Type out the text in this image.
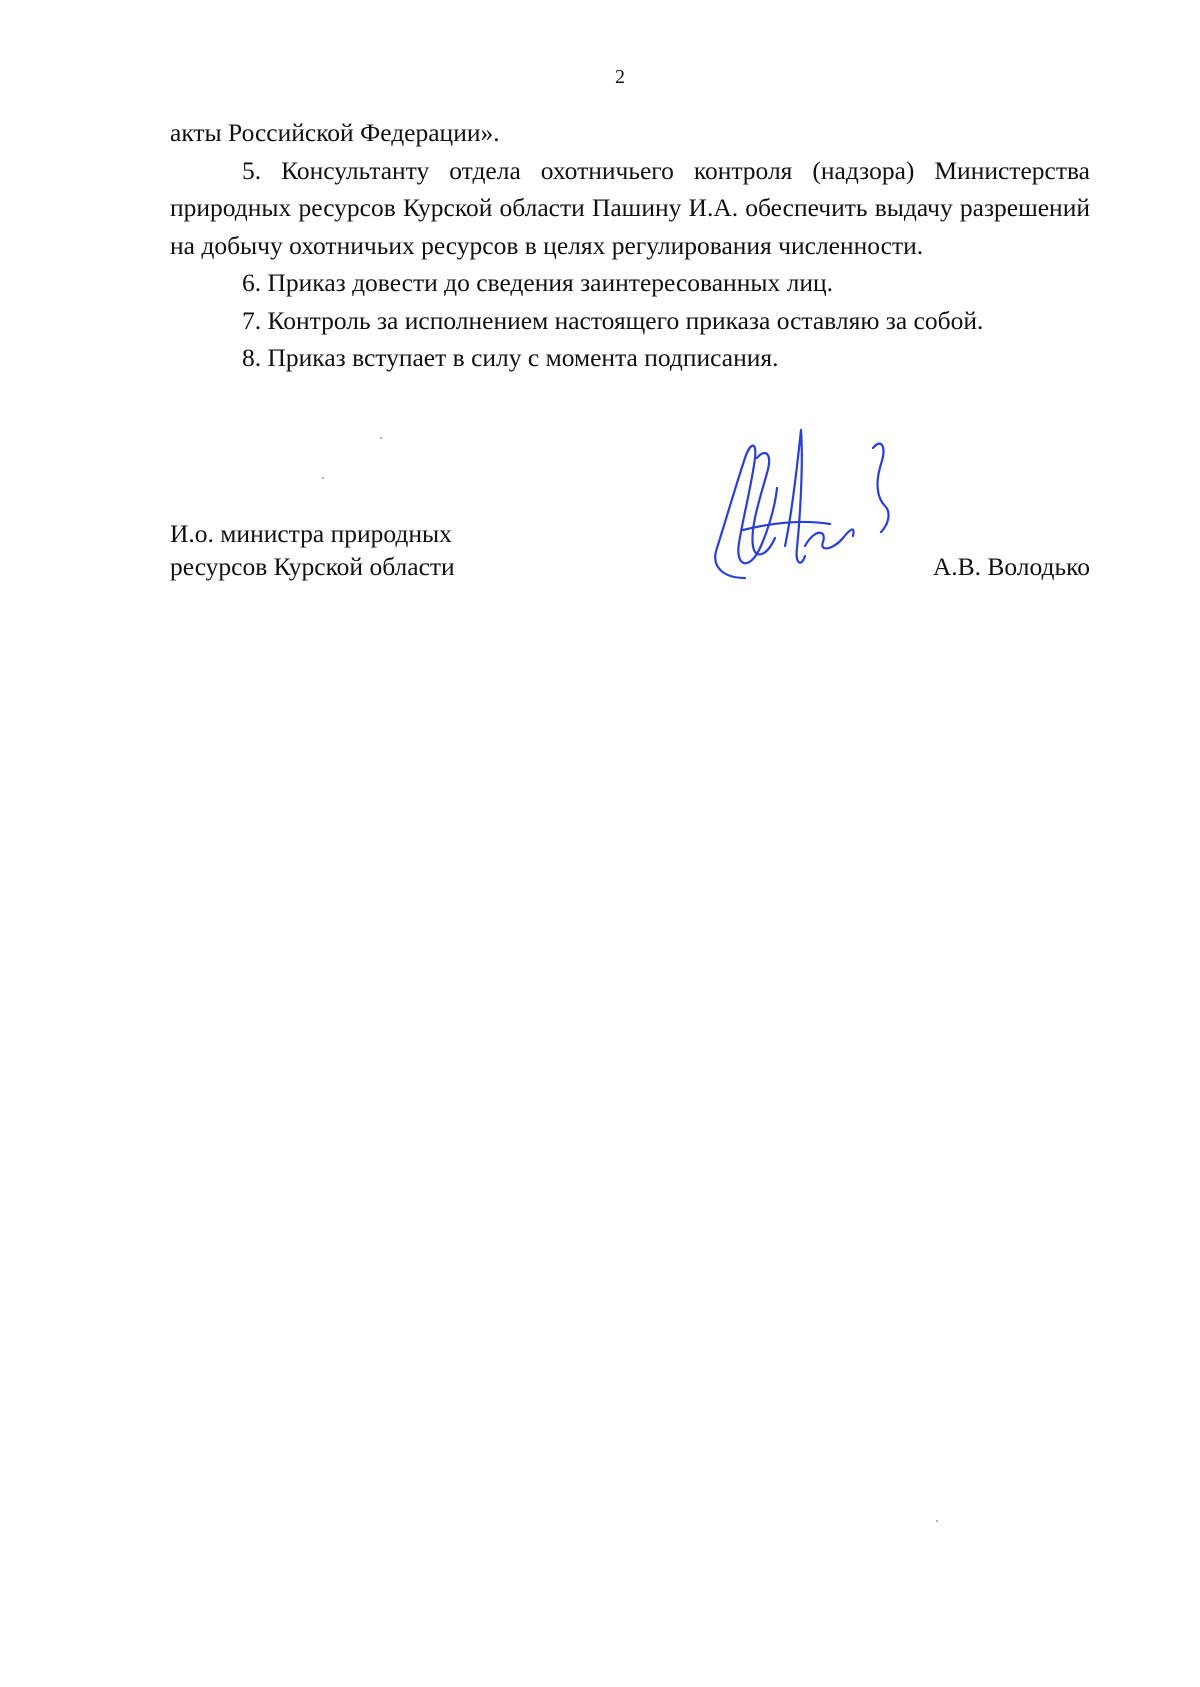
2

акты Российской Федерации».

5. Консультанту отдела охотничьего контроля (надзора) Министерства природных ресурсов Курской области Пашину И.А. обеспечить выдачу разрешений на добычу охотничьих ресурсов в целях регулирования численности.

6. Приказ довести до сведения заинтересованных лиц.

7. Контроль за исполнением настоящего приказа оставляю за собой.

8. Приказ вступает в силу с момента подписания.

И.о. министра природных
ресурсов Курской области	А.В. Володько
